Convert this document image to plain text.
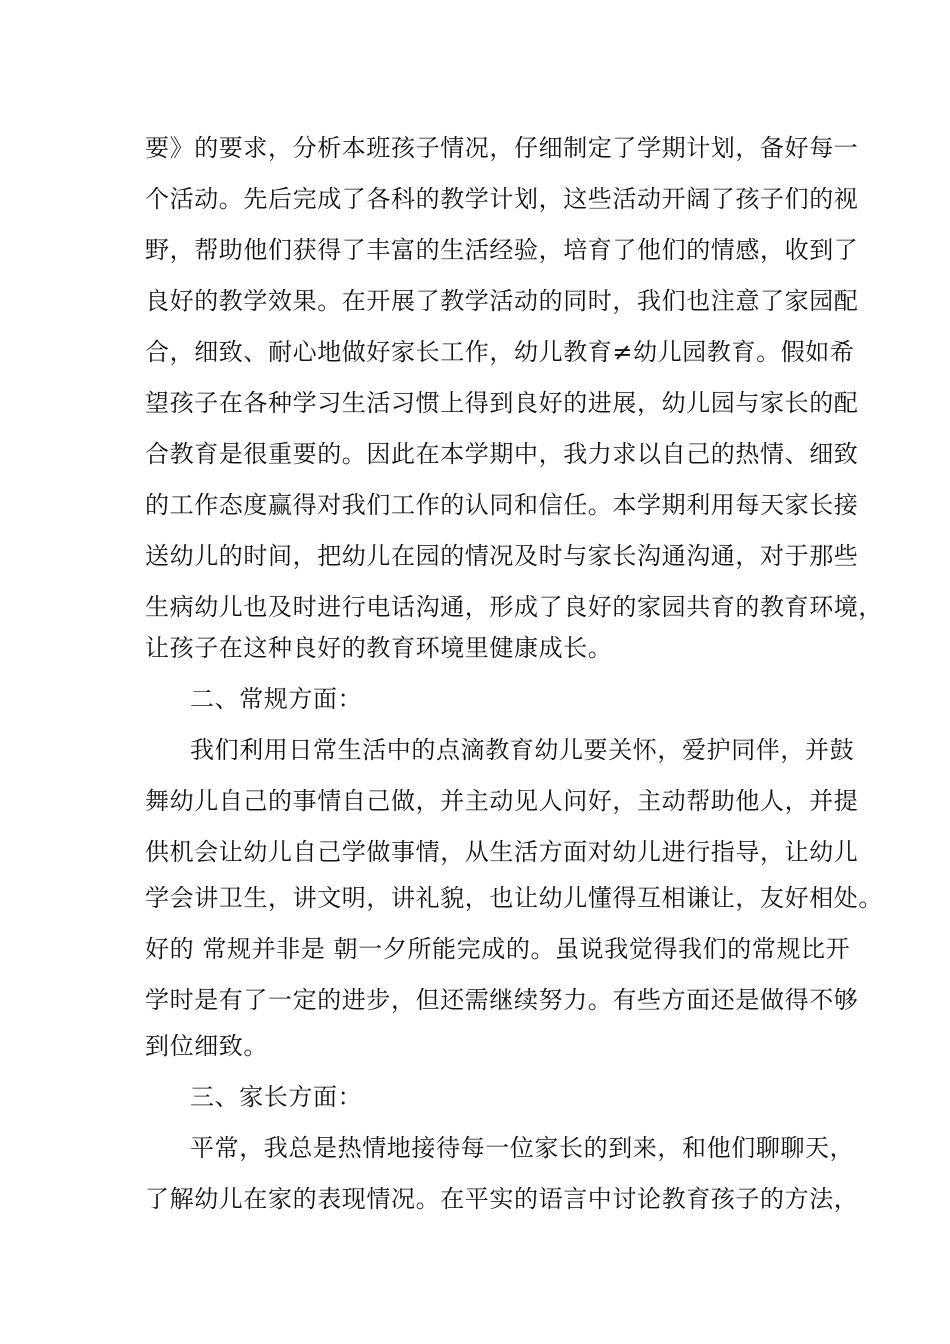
要》的要求，分析本班孩子情况，仔细制定了学期计划，备好每一
个活动。先后完成了各科的教学计划，这些活动开阔了孩子们的视
野，帮助他们获得了丰富的生活经验，培育了他们的情感，收到了
良好的教学效果。在开展了教学活动的同时，我们也注意了家园配
合，细致、耐心地做好家长工作，幼儿教育≠幼儿园教育。假如希
望孩子在各种学习生活习惯上得到良好的进展，幼儿园与家长的配
合教育是很重要的。因此在本学期中，我力求以自己的热情、细致
的工作态度赢得对我们工作的认同和信任。本学期利用每天家长接
送幼儿的时间，把幼儿在园的情况及时与家长沟通沟通，对于那些
生病幼儿也及时进行电话沟通，形成了良好的家园共育的教育环境，
让孩子在这种良好的教育环境里健康成长。
二、常规方面：
我们利用日常生活中的点滴教育幼儿要关怀，爱护同伴，并鼓
舞幼儿自己的事情自己做，并主动见人问好，主动帮助他人，并提
供机会让幼儿自己学做事情，从生活方面对幼儿进行指导，让幼儿
学会讲卫生，讲文明，讲礼貌，也让幼儿懂得互相谦让，友好相处。
好的 常规并非是 朝一夕所能完成的。虽说我觉得我们的常规比开
学时是有了一定的进步，但还需继续努力。有些方面还是做得不够
到位细致。
三、家长方面：
平常，我总是热情地接待每一位家长的到来，和他们聊聊天，
了解幼儿在家的表现情况。在平实的语言中讨论教育孩子的方法，
